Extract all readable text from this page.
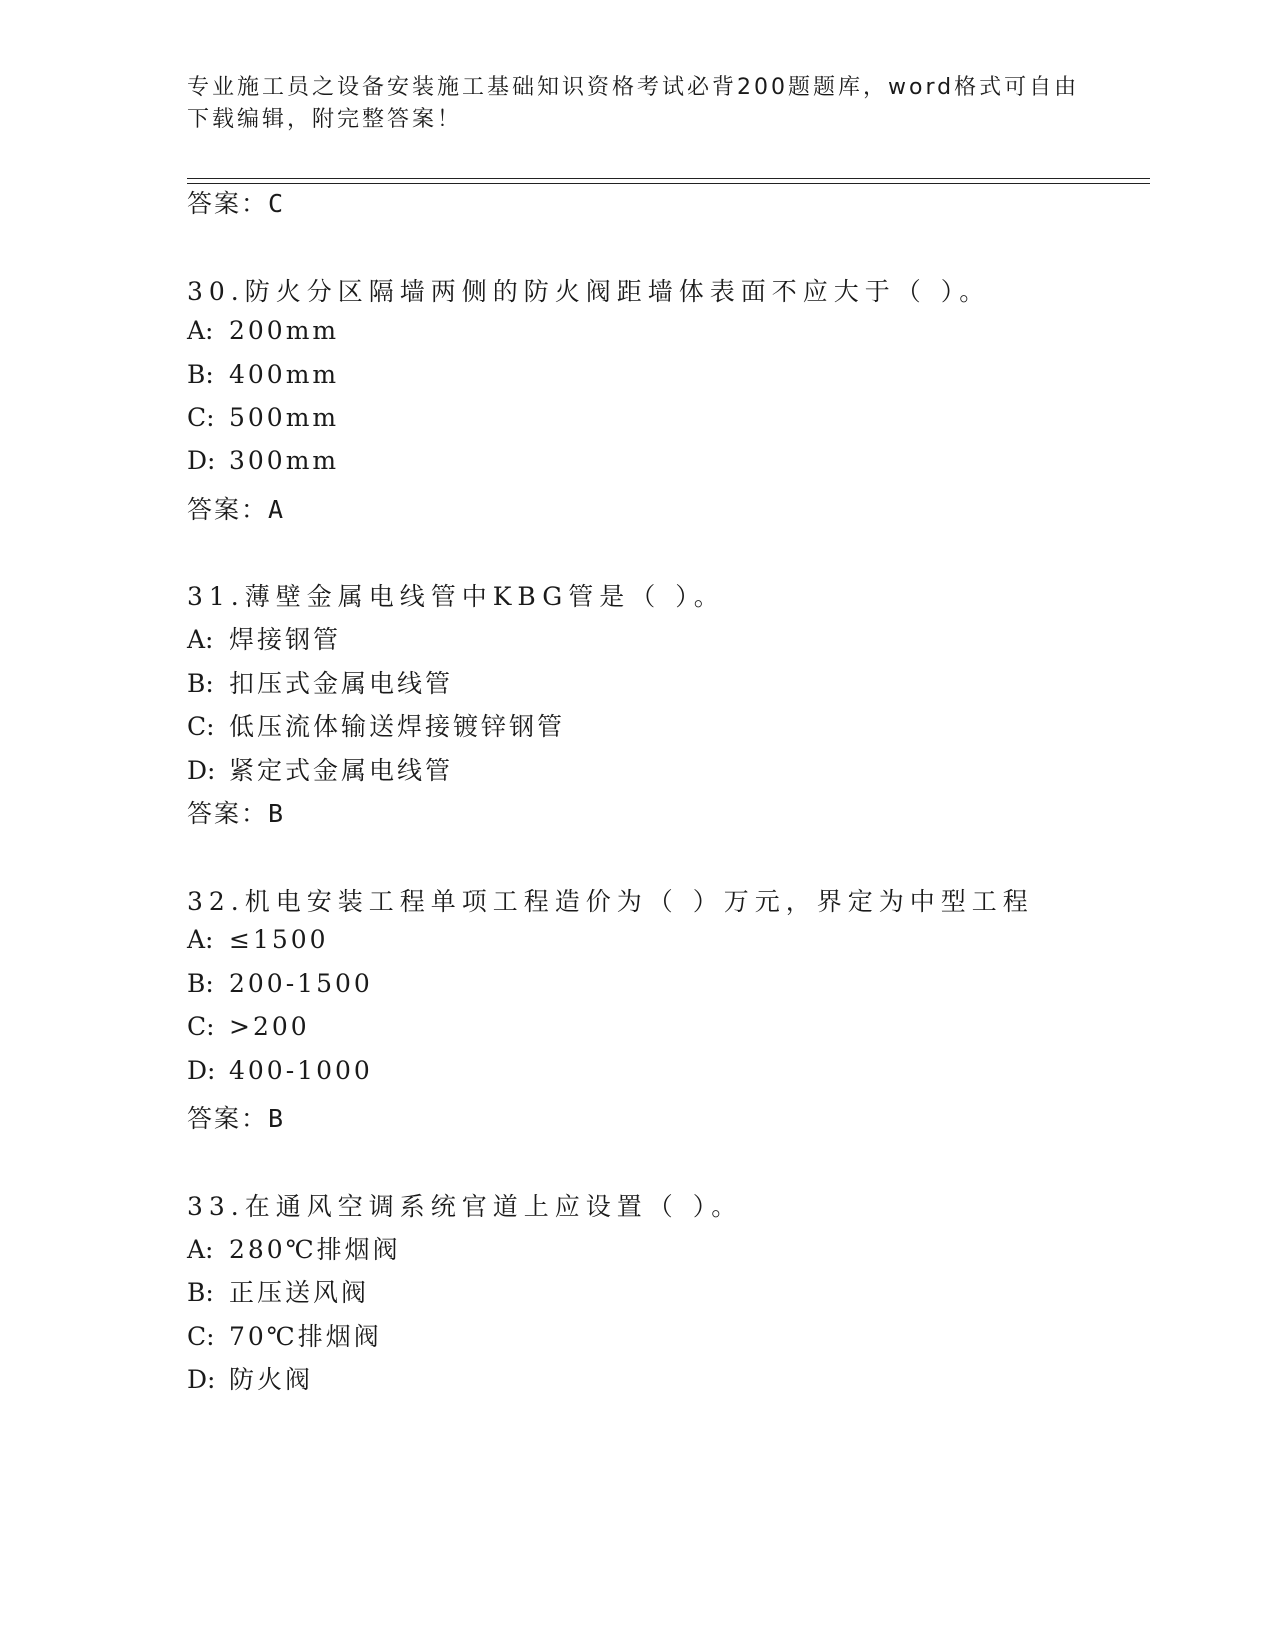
专业施工员之设备安装施工基础知识资格考试必背200题题库，word格式可自由
下载编辑，附完整答案！
答案：C
30.防火分区隔墙两侧的防火阀距墙体表面不应大于（ ）。
A: 200mm
B: 400mm
C: 500mm
D: 300mm
答案：A
31.薄壁金属电线管中KBG管是（ ）。
A: 焊接钢管
B: 扣压式金属电线管
C: 低压流体输送焊接镀锌钢管
D: 紧定式金属电线管
答案：B
32.机电安装工程单项工程造价为（ ）万元，界定为中型工程
A: ≤1500
B: 200-1500
C: >200
D: 400-1000
答案：B
33.在通风空调系统官道上应设置（ ）。
A: 280℃排烟阀
B: 正压送风阀
C: 70℃排烟阀
D: 防火阀
